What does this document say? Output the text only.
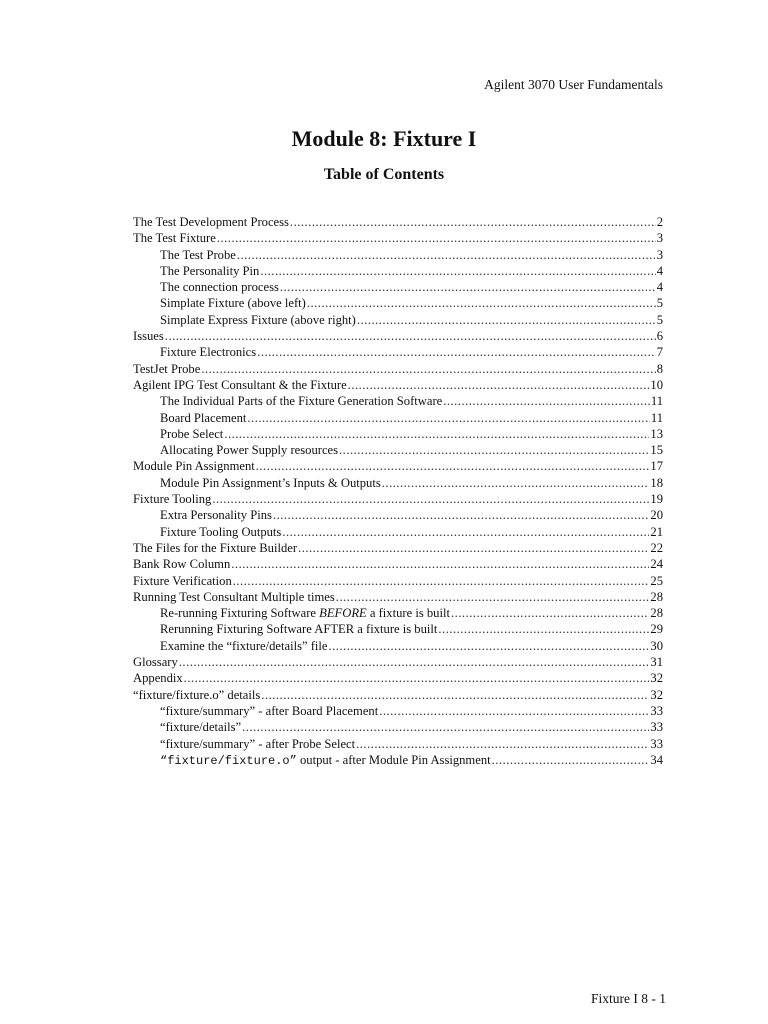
Agilent 3070 User Fundamentals
Module 8: Fixture I
Table of Contents
The Test Development Process .....	2
The Test Fixture .....	3
The Test Probe .....	3
The Personality Pin .....	4
The connection process .....	4
Simplate Fixture (above left) .....	5
Simplate Express Fixture (above right) .....	5
Issues .....	6
Fixture Electronics .....	7
TestJet Probe .....	8
Agilent IPG Test Consultant & the Fixture .....	10
The Individual Parts of the Fixture Generation Software .....	11
Board Placement .....	11
Probe Select .....	13
Allocating Power Supply resources .....	15
Module Pin Assignment .....	17
Module Pin Assignment’s Inputs & Outputs .....	18
Fixture Tooling .....	19
Extra Personality Pins .....	20
Fixture Tooling Outputs .....	21
The Files for the Fixture Builder .....	22
Bank Row Column .....	24
Fixture Verification .....	25
Running Test Consultant Multiple times .....	28
Re-running Fixturing Software BEFORE a fixture is built .....	28
Rerunning Fixturing Software AFTER a fixture is built .....	29
Examine the “fixture/details” file .....	30
Glossary .....	31
Appendix .....	32
“fixture/fixture.o” details .....	32
“fixture/summary” - after Board Placement .....	33
“fixture/details” .....	33
“fixture/summary” - after Probe Select .....	33
“fixture/fixture.o” output - after Module Pin Assignment .....	34
Fixture I 8 - 1
